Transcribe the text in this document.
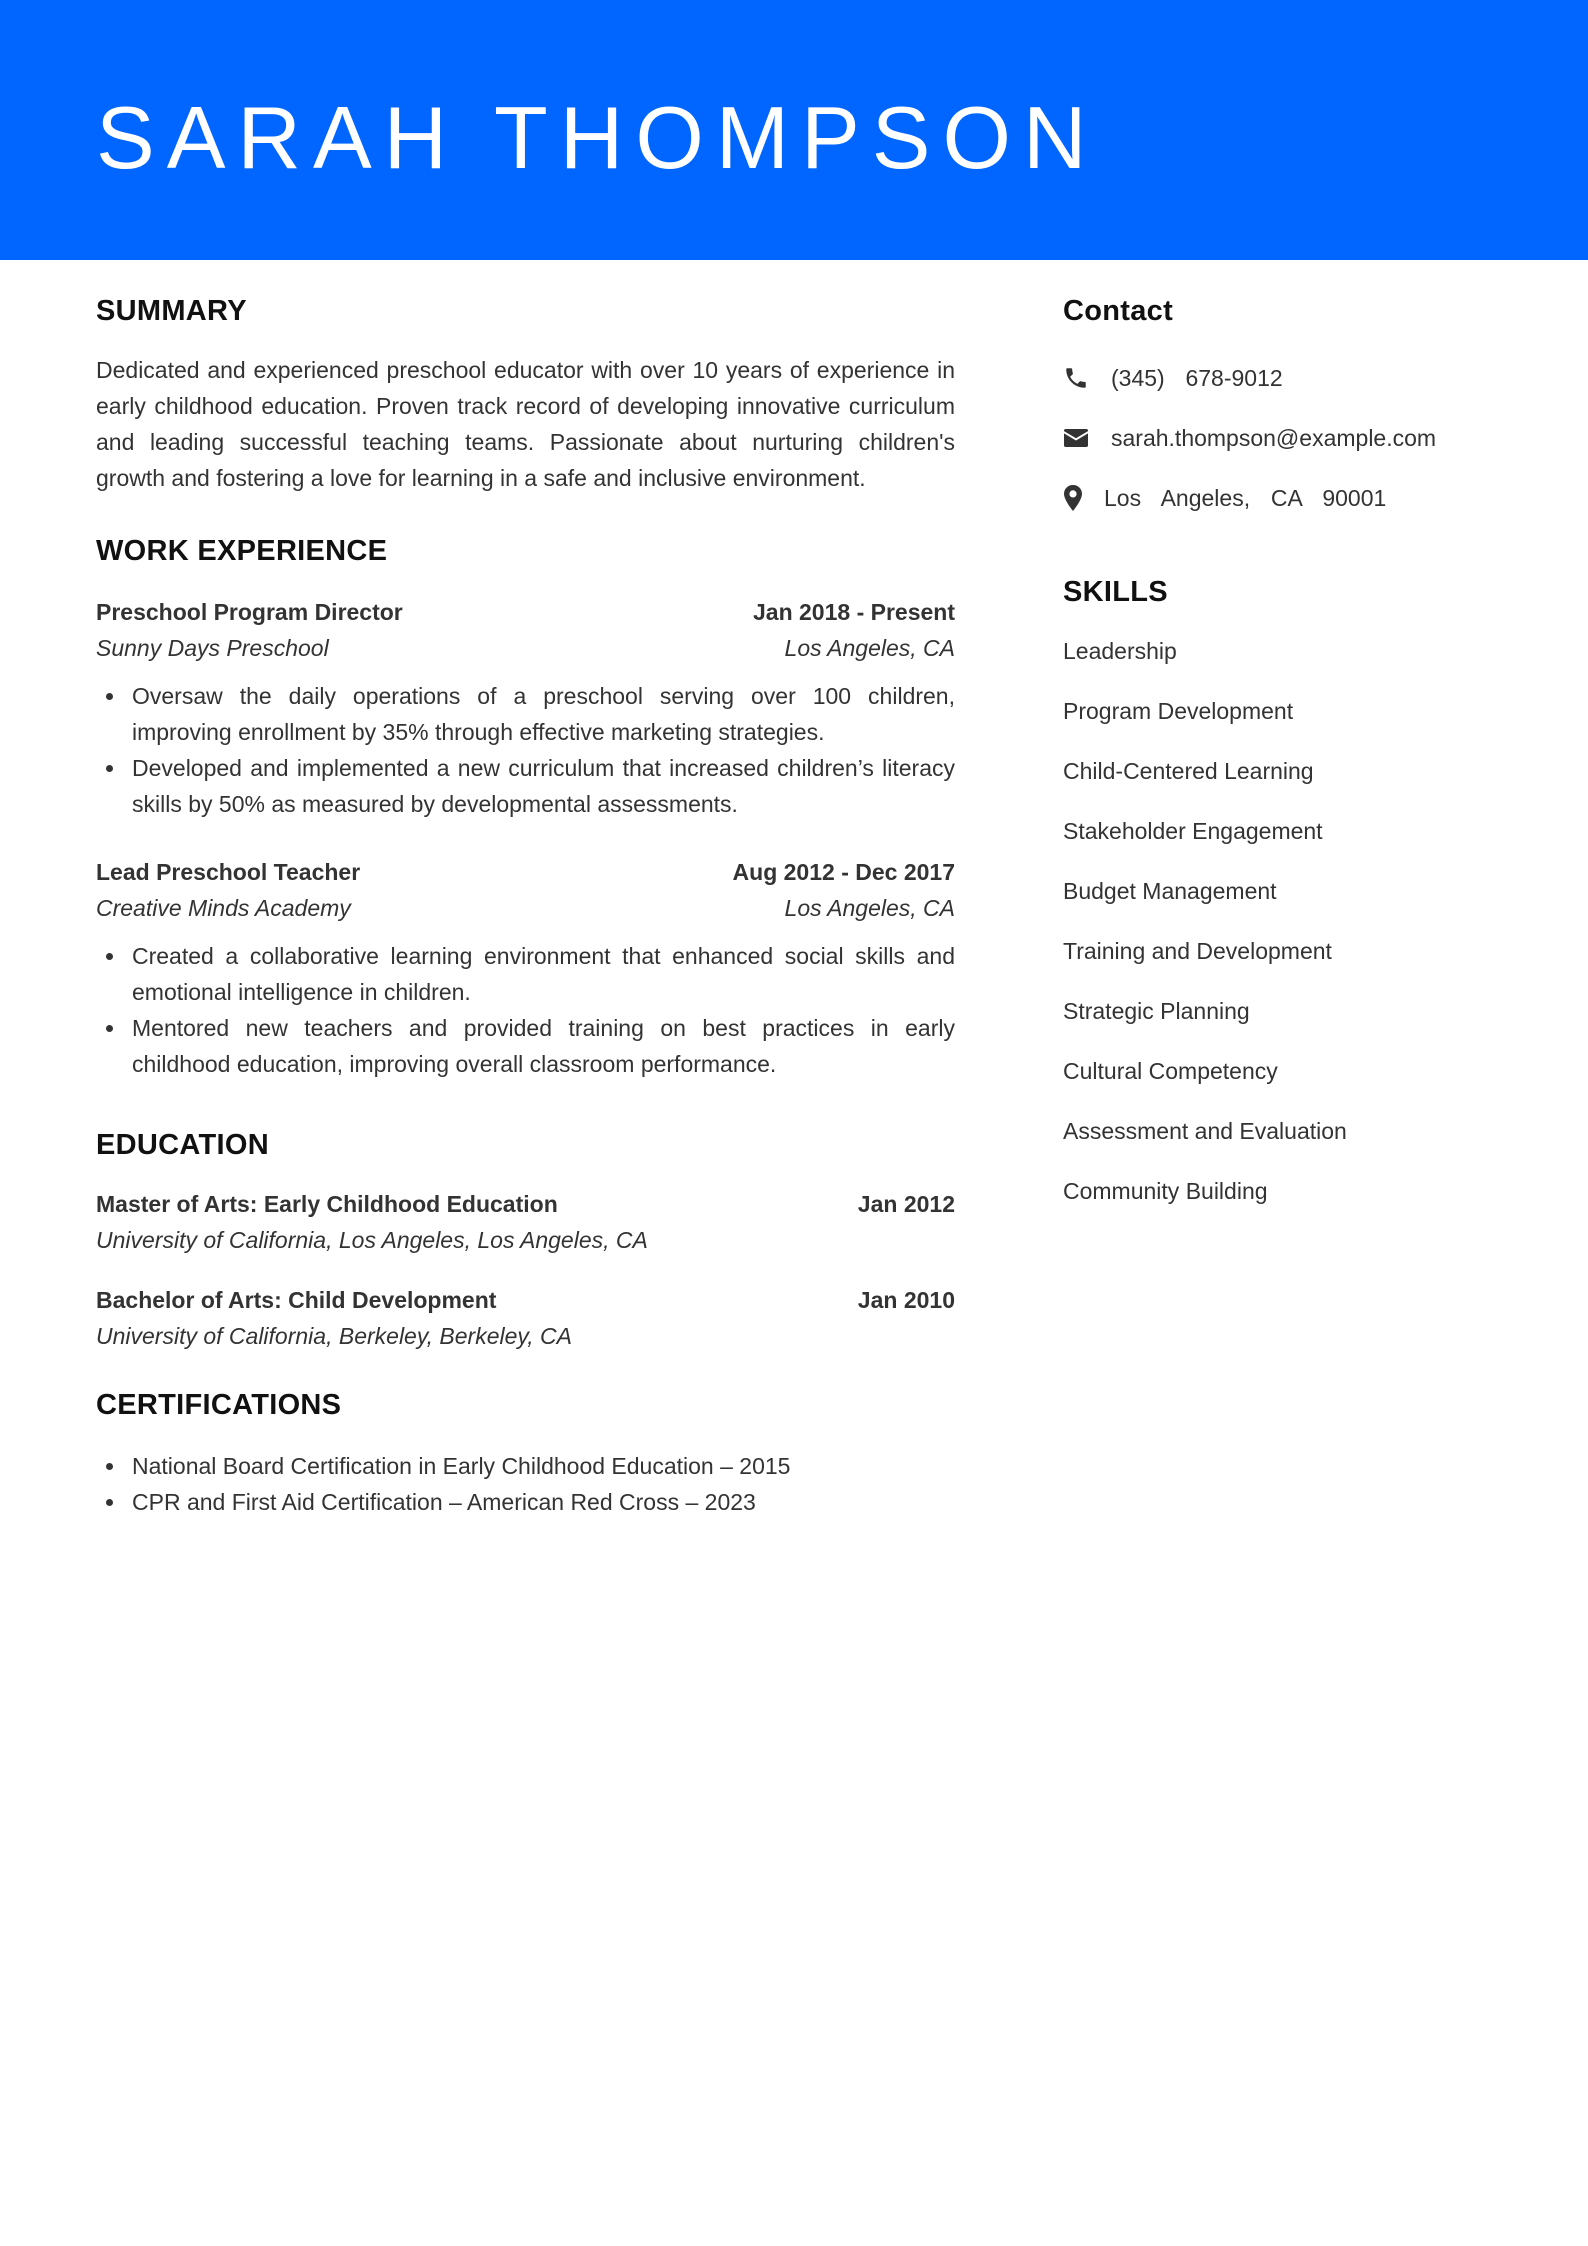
SARAH THOMPSON
SUMMARY

Dedicated and experienced preschool educator with over 10 years of experience in early childhood education. Proven track record of developing innovative curriculum and leading successful teaching teams. Passionate about nurturing children's growth and fostering a love for learning in a safe and inclusive environment.

WORK EXPERIENCE
Preschool Program Director	Jan 2018 - Present
Sunny Days Preschool	Los Angeles, CA
Oversaw the daily operations of a preschool serving over 100 children, improving enrollment by 35% through effective marketing strategies.
Developed and implemented a new curriculum that increased children’s literacy skills by 50% as measured by developmental assessments.
Lead Preschool Teacher	Aug 2012 - Dec 2017
Creative Minds Academy	Los Angeles, CA
Created a collaborative learning environment that enhanced social skills and emotional intelligence in children.
Mentored new teachers and provided training on best practices in early childhood education, improving overall classroom performance.
EDUCATION
Master of Arts: Early Childhood Education	Jan 2012
University of California, Los Angeles, Los Angeles, CA
Bachelor of Arts: Child Development	Jan 2010
University of California, Berkeley, Berkeley, CA
CERTIFICATIONS
National Board Certification in Early Childhood Education – 2015
CPR and First Aid Certification – American Red Cross – 2023
Contact
(345)  678-9012
sarah.thompson@example.com
Los  Angeles,  CA  90001
SKILLS
Leadership
Program Development
Child-Centered Learning
Stakeholder Engagement
Budget Management
Training and Development
Strategic Planning
Cultural Competency
Assessment and Evaluation
Community Building
